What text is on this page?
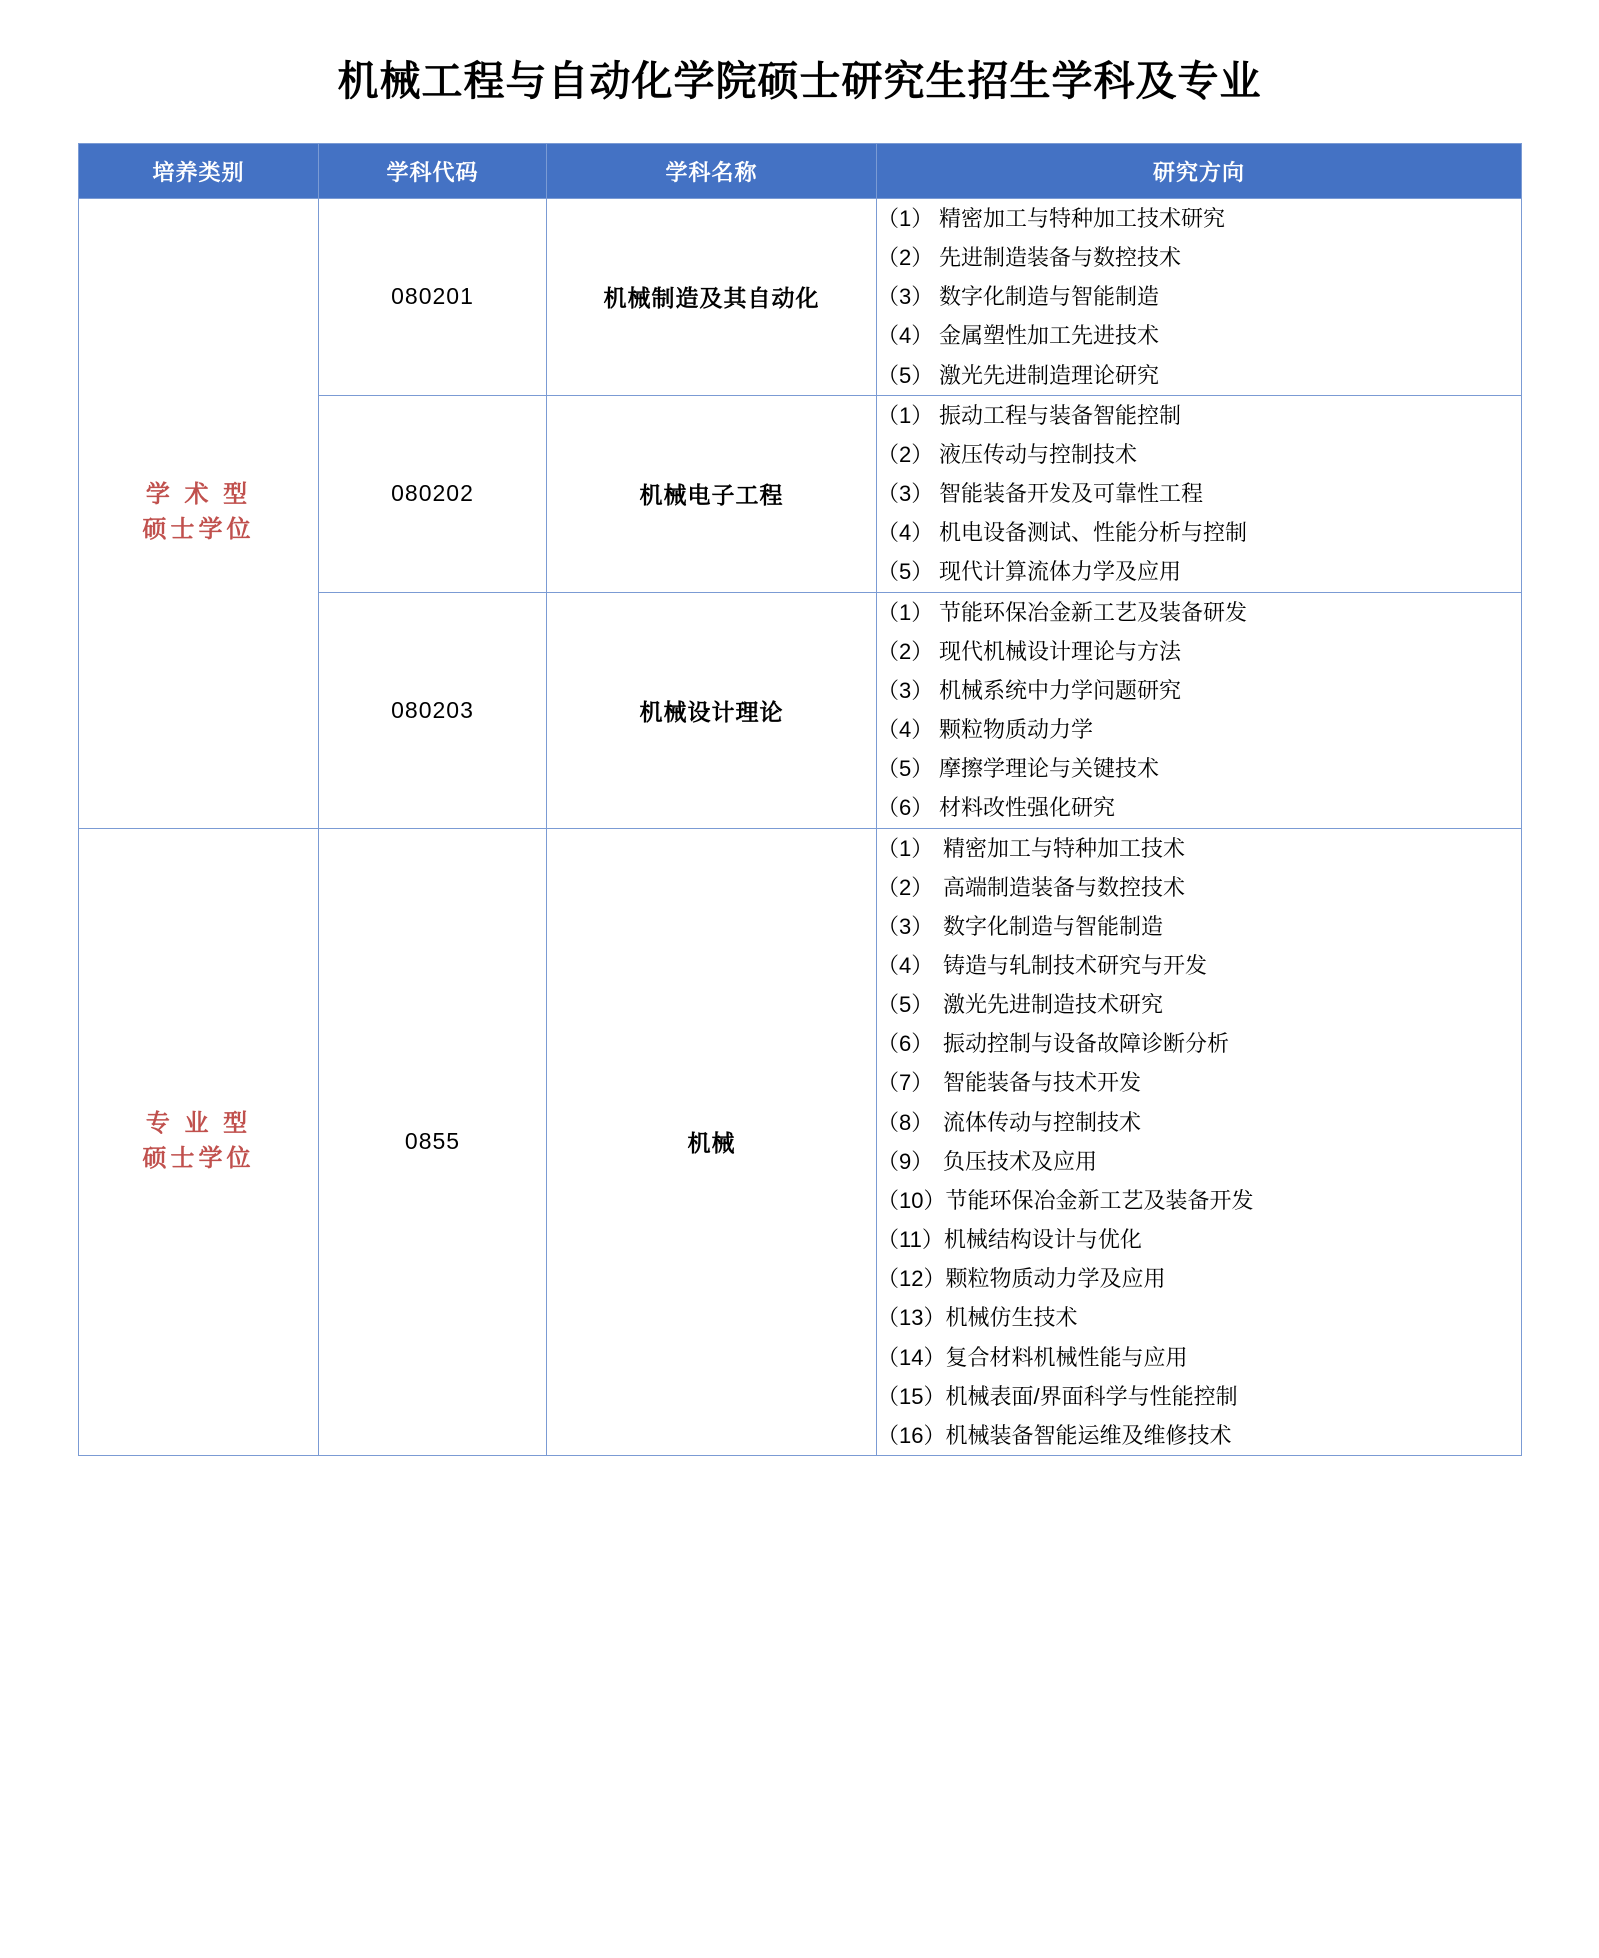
机械工程与自动化学院硕士研究生招生学科及专业
培养类别	学科代码	学科名称	研究方向

学 术 型
硕士学位
	080201	机械制造及其自动化	
（1） 精密加工与特种加工技术研究
（2） 先进制造装备与数控技术
（3） 数字化制造与智能制造
（4） 金属塑性加工先进技术
（5） 激光先进制造理论研究

080202	机械电子工程	
（1） 振动工程与装备智能控制
（2） 液压传动与控制技术
（3） 智能装备开发及可靠性工程
（4） 机电设备测试、性能分析与控制
（5） 现代计算流体力学及应用

080203	机械设计理论	
（1） 节能环保冶金新工艺及装备研发
（2） 现代机械设计理论与方法
（3） 机械系统中力学问题研究
（4） 颗粒物质动力学
（5） 摩擦学理论与关键技术
（6） 材料改性强化研究

专 业 型
硕士学位
	0855	机械	
（1） 精密加工与特种加工技术
（2） 高端制造装备与数控技术
（3） 数字化制造与智能制造
（4） 铸造与轧制技术研究与开发
（5） 激光先进制造技术研究
（6） 振动控制与设备故障诊断分析
（7） 智能装备与技术开发
（8） 流体传动与控制技术
（9） 负压技术及应用
（10） 节能环保冶金新工艺及装备开发
（11） 机械结构设计与优化
（12） 颗粒物质动力学及应用
（13） 机械仿生技术
（14） 复合材料机械性能与应用
（15） 机械表面/界面科学与性能控制
（16） 机械装备智能运维及维修技术
